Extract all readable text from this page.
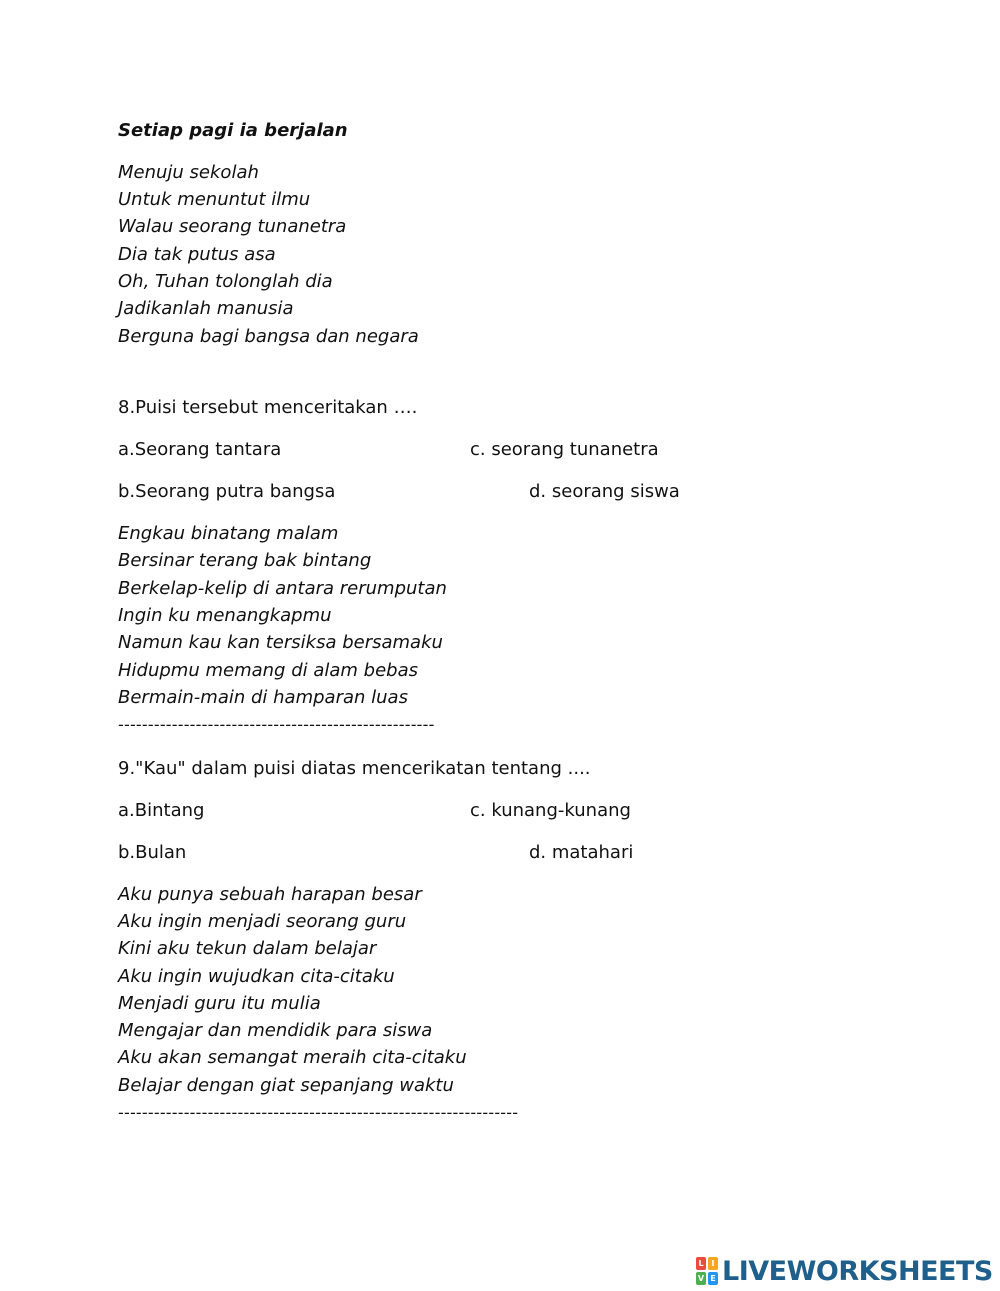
Setiap pagi ia berjalan
Menuju sekolah
Untuk menuntut ilmu
Walau seorang tunanetra
Dia tak putus asa
Oh, Tuhan tolonglah dia
Jadikanlah manusia
Berguna bagi bangsa dan negara
8.Puisi tersebut menceritakan ….
a.Seorang tantara	c. seorang tunanetra
b.Seorang putra bangsa	d. seorang siswa
Engkau binatang malam
Bersinar terang bak bintang
Berkelap-kelip di antara rerumputan
Ingin ku menangkapmu
Namun kau kan tersiksa bersamaku
Hidupmu memang di alam bebas
Bermain-main di hamparan luas
-----------------------------------------------------
9."Kau" dalam puisi diatas mencerikatan tentang ....
a.Bintang	c. kunang-kunang
b.Bulan	d. matahari
Aku punya sebuah harapan besar
Aku ingin menjadi seorang guru
Kini aku tekun dalam belajar
Aku ingin wujudkan cita-citaku
Menjadi guru itu mulia
Mengajar dan mendidik para siswa
Aku akan semangat meraih cita-citaku
Belajar dengan giat sepanjang waktu
-------------------------------------------------------------------
L I
V E LIVEWORKSHEETS
